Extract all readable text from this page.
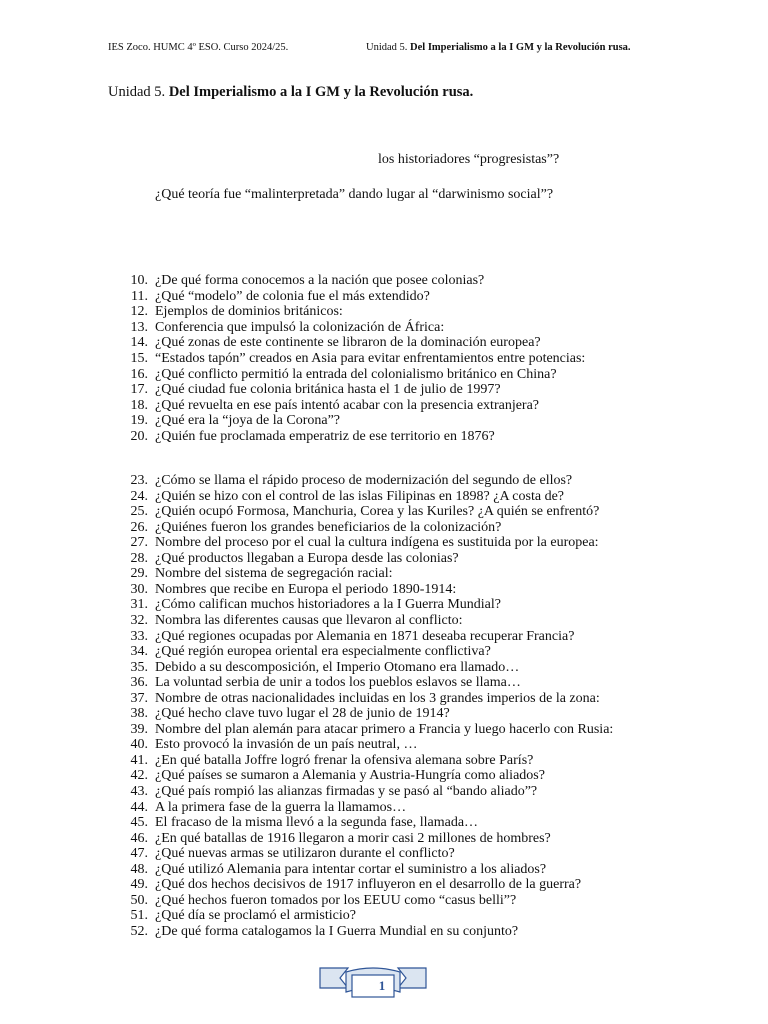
IES Zoco. HUMC 4º ESO. Curso 2024/25.	Unidad 5. Del Imperialismo a la I GM y la Revolución rusa.
Unidad 5. Del Imperialismo a la I GM y la Revolución rusa.
los historiadores “progresistas”?
¿Qué teoría fue “malinterpretada” dando lugar al “darwinismo social”?
10. ¿De qué forma conocemos a la nación que posee colonias?
11. ¿Qué “modelo” de colonia fue el más extendido?
12. Ejemplos de dominios británicos:
13. Conferencia que impulsó la colonización de África:
14. ¿Qué zonas de este continente se libraron de la dominación europea?
15. “Estados tapón” creados en Asia para evitar enfrentamientos entre potencias:
16. ¿Qué conflicto permitió la entrada del colonialismo británico en China?
17. ¿Qué ciudad fue colonia británica hasta el 1 de julio de 1997?
18. ¿Qué revuelta en ese país intentó acabar con la presencia extranjera?
19. ¿Qué era la “joya de la Corona”?
20. ¿Quién fue proclamada emperatriz de ese territorio en 1876?
23. ¿Cómo se llama el rápido proceso de modernización del segundo de ellos?
24. ¿Quién se hizo con el control de las islas Filipinas en 1898? ¿A costa de?
25. ¿Quién ocupó Formosa, Manchuria, Corea y las Kuriles? ¿A quién se enfrentó?
26. ¿Quiénes fueron los grandes beneficiarios de la colonización?
27. Nombre del proceso por el cual la cultura indígena es sustituida por la europea:
28. ¿Qué productos llegaban a Europa desde las colonias?
29. Nombre del sistema de segregación racial:
30. Nombres que recibe en Europa el periodo 1890-1914:
31. ¿Cómo califican muchos historiadores a la I Guerra Mundial?
32. Nombra las diferentes causas que llevaron al conflicto:
33. ¿Qué regiones ocupadas por Alemania en 1871 deseaba recuperar Francia?
34. ¿Qué región europea oriental era especialmente conflictiva?
35. Debido a su descomposición, el Imperio Otomano era llamado…
36. La voluntad serbia de unir a todos los pueblos eslavos se llama…
37. Nombre de otras nacionalidades incluidas en los 3 grandes imperios de la zona:
38. ¿Qué hecho clave tuvo lugar el 28 de junio de 1914?
39. Nombre del plan alemán para atacar primero a Francia y luego hacerlo con Rusia:
40. Esto provocó la invasión de un país neutral, …
41. ¿En qué batalla Joffre logró frenar la ofensiva alemana sobre París?
42. ¿Qué países se sumaron a Alemania y Austria-Hungría como aliados?
43. ¿Qué país rompió las alianzas firmadas y se pasó al “bando aliado”?
44. A la primera fase de la guerra la llamamos…
45. El fracaso de la misma llevó a la segunda fase, llamada…
46. ¿En qué batallas de 1916 llegaron a morir casi 2 millones de hombres?
47. ¿Qué nuevas armas se utilizaron durante el conflicto?
48. ¿Qué utilizó Alemania para intentar cortar el suministro a los aliados?
49. ¿Qué dos hechos decisivos de 1917 influyeron en el desarrollo de la guerra?
50. ¿Qué hechos fueron tomados por los EEUU como “casus belli”?
51. ¿Qué día se proclamó el armisticio?
52. ¿De qué forma catalogamos la I Guerra Mundial en su conjunto?
1
